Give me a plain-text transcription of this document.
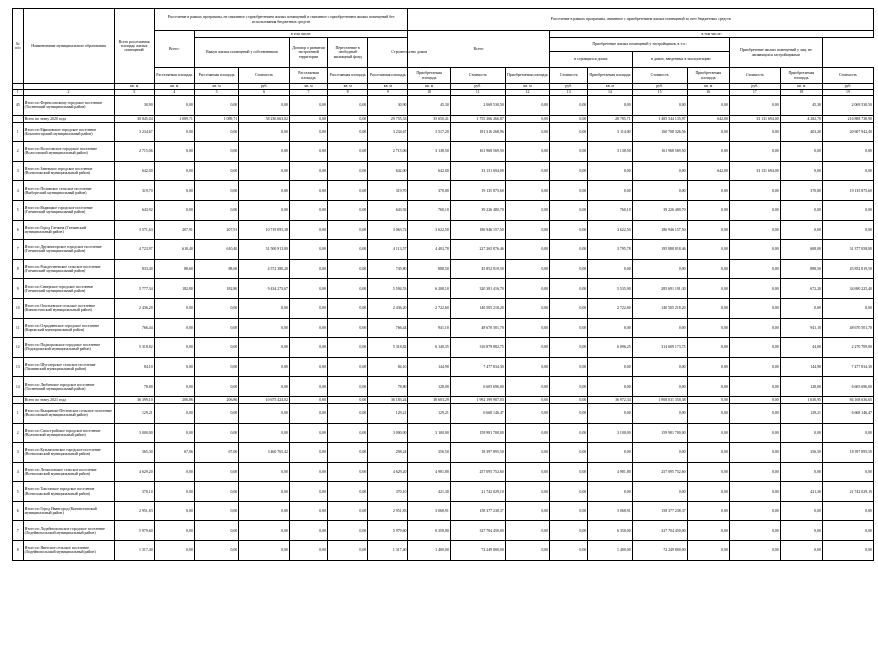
№ п/п	Наименование муниципального образования	Всего расселяемая площадь жилых помещений	Расселение в рамках программы, не связанное с приобретением жилых помещений и связанное с приобретением жилых помещений без использования бюджетных средств						Расселение в рамках программы, связанное с приобретением жилых помещений за счет бюджетных средств									
			Всего:	в том числе:					Всего:			в том числе:						
				Выкуп жилых помещений у собственников		Договор о развитии застроенной территории	Переселение в свободный жилищный фонд	Строительство домов				Приобретение жилых помещений у застройщиков, в т.ч.:				Приобретение жилых помещений у лиц, не являющихся застройщиками		
												в строящихся домах		в домах, введенных в эксплуатацию				
			Расселяемая площадь	Расселяемая площадь	Стоимость	Расселяемая площадь	Расселяемая площадь	Расселяемая площадь	Приобретаемая площадь	Стоимость	Приобретаемая площадь	Стоимость	Приобретаемая площадь	Стоимость	Приобретаемая площадь	Стоимость	Приобретаемая площадь	Стоимость
		кв. м	кв. м	кв. м	руб.	кв. м	кв. м	кв. м	кв. м	руб.	кв. м	руб.	кв. м	руб.	кв. м	руб.	кв. м	руб.
1	2	3	4	5	6	7	8	9	10	11	12	13	14	15	16	17	18	19
45	Итого по Форносовскому городское поселение (Тосненский муниципальный район)	30,90	0,00	0,00	0,00	0,00	0,00	30,90	45,30	2 069 530,50	0,00	0,00	0,00	0,00	0,00	0,00	45,30	2 069 530,50
	Всего по этапу 2020 года	30 845,04	1 089,71	1 089,71	58 236 663,02	0,00	0,00	29 755,33	35 650,41	1 755 366 266,87	0,00	0,00	28 785,71	1 485 544 135,97	642,00	33 131 694,00	4 282,70	216 888 738,90
1	Итого по Ефимовское городское поселение (Бокситогорский муниципальный район)	3 234,67	0,00	0,00	0,00	0,00	0,00	3 234,67	3 517,20	181 316 268,96	0,00	0,00	3 114,00	160 708 326,56	0,00	0,00	403,20	20 607 942,40
2	Итого по Волосовское городское поселение (Волосовский муниципальный район)	2 715,06	0,00	0,00	0,00	0,00	0,00	2 715,06	3 138,50	161 968 569,50	0,00	0,00	3 138,50	161 968 569,50	0,00	0,00	0,00	0,00
3	Итого по Заневское городское поселение (Всеволожский муниципальный район)	642,00	0,00	0,00	0,00	0,00	0,00	642,00	642,00	33 131 694,00	0,00	0,00	0,00	0,00	642,00	33 131 694,00	0,00	0,00
4	Итого по Полянское сельское поселение (Выборгский муниципальный район)	319,70	0,00	0,00	0,00	0,00	0,00	319,70	370,80	19 135 875,60	0,00	0,00	0,00	0,00	0,00	0,00	370,80	19 135 875,60
5	Итого по Вырицкое городское поселение (Гатчинский муниципальный район)	643,92	0,00	0,00	0,00	0,00	0,00	643,92	760,10	39 226 480,70	0,00	0,00	760,10	39 226 480,70	0,00	0,00	0,00	0,00
6	Итого по Город Гатчина (Гатчинский муниципальный район)	3 571,63	207,91	207,91	10 719 095,38	0,00	0,00	3 063,72	3 622,50	186 946 157,50	0,00	0,00	3 622,50	186 946 157,50	0,00	0,00	0,00	0,00
7	Итого по Дружногорское городское поселение (Гатчинский муниципальный район)	4 723,97	610,40	610,40	31 500 913,80	0,00	0,00	4 113,57	4 403,78	227 265 876,46	0,00	0,00	3 795,78	195 888 818,46	0,00	0,00	608,00	31 377 058,00
8	Итого по Рождественское сельское поселение (Гатчинский муниципальный район)	833,40	88,60	88,60	4 572 380,20	0,00	0,00	745,80	888,50	45 852 819,50	0,00	0,00	0,00	0,00	0,00	0,00	888,50	45 852 819,50
9	Итого по Сиверское городское поселение (Гатчинский муниципальный район)	5 777,34	182,80	182,80	9 434 273,67	0,00	0,00	5 594,53	6 208,10	320 381 416,70	0,00	0,00	5 535,90	285 691 191,30	0,00	0,00	672,20	34 690 225,40
10	Итого по Опольевское сельское поселение (Кингисеппский муниципальный район)	2 436,20	0,00	0,00	0,00	0,00	0,00	2 436,20	2 722,60	140 505 218,20	0,00	0,00	2 722,60	140 505 218,20	0,00	0,00	0,00	0,00
11	Итого по Отрадненское городское поселение (Кировский муниципальный район)	766,44	0,00	0,00	0,00	0,00	0,00	766,44	941,10	48 670 501,70	0,00	0,00	0,00	0,00	0,00	0,00	941,10	48 670 501,70
12	Итого по Подпорожское городское поселение (Подпорожский муниципальный район)	5 318,82	0,00	0,00	0,00	0,00	0,00	5 318,82	6 140,35	316 879 882,75	0,00	0,00	6 096,25	314 609 173,75	0,00	0,00	44,00	2 270 709,00
13	Итого по Шугозерское сельское поселение (Тихвинский муниципальный район)	84,10	0,00	0,00	0,00	0,00	0,00	84,10	144,90	7 477 834,30	0,00	0,00	0,00	0,00	0,00	0,00	144,90	7 477 834,30
14	Итого по Любанское городское поселение (Тосненский муниципальный район)	78,80	0,00	0,00	0,00	0,00	0,00	78,80	128,00	6 605 696,00	0,00	0,00	0,00	0,00	0,00	0,00	128,00	6 605 696,00
	Всего по этапу 2021 года	36 399,10	206,86	206,86	10 675 424,02	0,00	0,00	36 183,24	38 603,29	1 992 199 987,03	0,00	0,00	36 972,34	1 908 031 350,38	0,00	0,00	1 630,95	84 168 636,65
1	Итого по Выщинско-Пестовское сельское поселение (Волосовский муниципальный район)	129,21	0,00	0,00	0,00	0,00	0,00	129,21	129,21	6 668 146,47	0,00	0,00	0,00	0,00	0,00	0,00	129,21	6 668 146,47
2	Итого по Сясьстройское городское поселение (Волховский муниципальный район)	3 000,00	0,00	0,00	0,00	0,00	0,00	3 000,00	3 100,00	159 981 700,00	0,00	0,00	3 100,00	159 981 700,00	0,00	0,00	0,00	0,00
3	Итого по Кузьмоловское городское поселение (Всеволожский муниципальный район)	365,30	67,06	67,06	3 460 765,42	0,00	0,00	298,24	356,50	18 397 895,50	0,00	0,00	0,00	0,00	0,00	0,00	356,50	18 397 895,50
4	Итого по Лесколовское сельское поселение (Всеволожский муниципальный район)	4 629,20	0,00	0,00	0,00	0,00	0,00	4 629,20	4 981,80	257 095 752,60	0,00	0,00	4 981,80	257 095 752,60	0,00	0,00	0,00	0,00
5	Итого по Токсовское городское поселение (Всеволожский муниципальный район)	370,10	0,00	0,00	0,00	0,00	0,00	370,10	421,30	21 742 029,10	0,00	0,00	0,00	0,00	0,00	0,00	421,30	21 742 029,10
6	Итого по Город Ивангород (Кингисеппский муниципальный район)	2 951,83	0,00	0,00	0,00	0,00	0,00	2 951,83	3 068,91	158 377 238,37	0,00	0,00	3 068,91	158 377 238,37	0,00	0,00	0,00	0,00
7	Итого по Лодейнопольское городское поселение (Лодейнопольский муниципальный район)	5 979,60	0,00	0,00	0,00	0,00	0,00	5 979,60	6 350,00	327 704 450,00	0,00	0,00	6 350,00	327 704 450,00	0,00	0,00	0,00	0,00
8	Итого по Янегское сельское поселение (Лодейнопольский муниципальный район)	1 317,40	0,00	0,00	0,00	0,00	0,00	1 317,40	1 400,00	72 249 800,00	0,00	0,00	1 400,00	72 249 800,00	0,00	0,00	0,00	0,00
